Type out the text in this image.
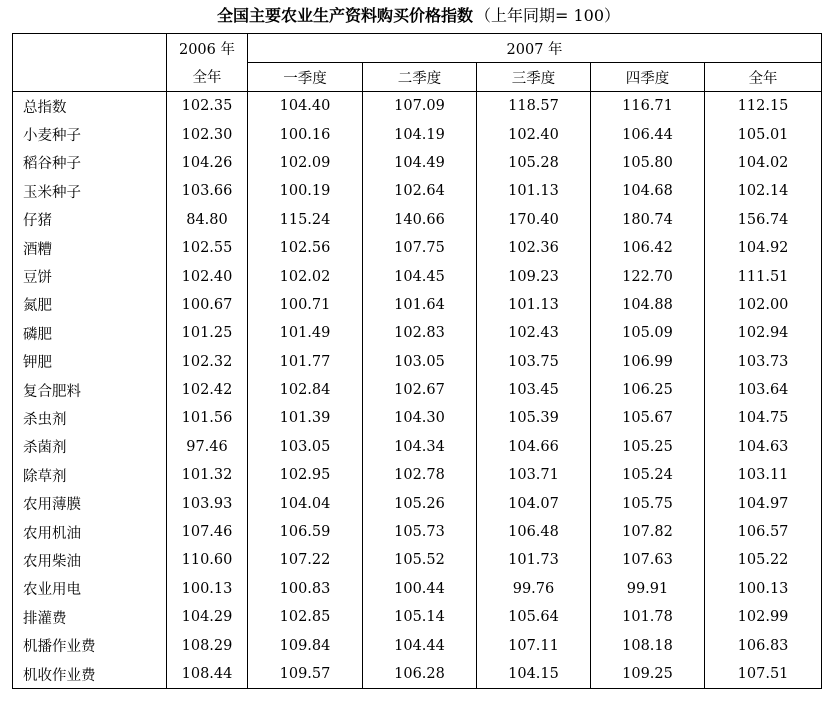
全国主要农业生产资料购买价格指数 （上年同期= 100）
	2006 年	2007 年				
	全年	一季度	二季度	三季度	四季度	全年
总指数	102.35	104.40	107.09	118.57	116.71	112.15
小麦种子	102.30	100.16	104.19	102.40	106.44	105.01
稻谷种子	104.26	102.09	104.49	105.28	105.80	104.02
玉米种子	103.66	100.19	102.64	101.13	104.68	102.14
仔猪	84.80	115.24	140.66	170.40	180.74	156.74
酒糟	102.55	102.56	107.75	102.36	106.42	104.92
豆饼	102.40	102.02	104.45	109.23	122.70	111.51
氮肥	100.67	100.71	101.64	101.13	104.88	102.00
磷肥	101.25	101.49	102.83	102.43	105.09	102.94
钾肥	102.32	101.77	103.05	103.75	106.99	103.73
复合肥料	102.42	102.84	102.67	103.45	106.25	103.64
杀虫剂	101.56	101.39	104.30	105.39	105.67	104.75
杀菌剂	97.46	103.05	104.34	104.66	105.25	104.63
除草剂	101.32	102.95	102.78	103.71	105.24	103.11
农用薄膜	103.93	104.04	105.26	104.07	105.75	104.97
农用机油	107.46	106.59	105.73	106.48	107.82	106.57
农用柴油	110.60	107.22	105.52	101.73	107.63	105.22
农业用电	100.13	100.83	100.44	99.76	99.91	100.13
排灌费	104.29	102.85	105.14	105.64	101.78	102.99
机播作业费	108.29	109.84	104.44	107.11	108.18	106.83
机收作业费	108.44	109.57	106.28	104.15	109.25	107.51
